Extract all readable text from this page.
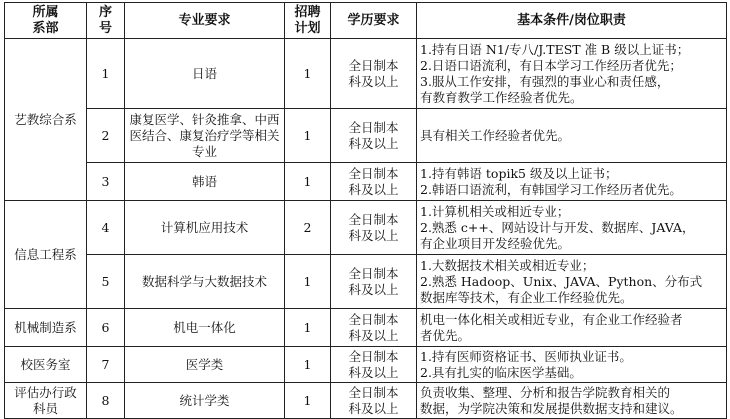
所属系部	序号	专业要求	招聘计划	学历要求	基本条件/岗位职责

艺教综合系	1	日语	1	全日制本科及以上	1.持有日语 N1/专八/J.TEST 准 B 级以上证书；
2.日语口语流利，有日本学习工作经历者优先；
3.服从工作安排，有强烈的事业心和责任感，
有教育教学工作经验者优先。

	2	康复医学、针灸推拿、中西医结合、康复治疗学等相关专业	1	全日制本科及以上	具有相关工作经验者优先。

	3	韩语	1	全日制本科及以上	1.持有韩语 topik5 级及以上证书；
2.韩语口语流利，有韩国学习工作经历者优先。

信息工程系	4	计算机应用技术	2	全日制本科及以上	1.计算机相关或相近专业；
2.熟悉 c++、网站设计与开发、数据库、JAVA，
有企业项目开发经验优先。

	5	数据科学与大数据技术	1	全日制本科及以上	1.大数据技术相关或相近专业；
2.熟悉 Hadoop、Unix、JAVA、Python、分布式
数据库等技术，有企业工作经验优先。

机械制造系	6	机电一体化	1	全日制本科及以上	机电一体化相关或相近专业，有企业工作经验者
者优先。

校医务室	7	医学类	1	全日制本科及以上	1.持有医师资格证书、医师执业证书。
2.具有扎实的临床医学基础。

评估办行政科员	8	统计学类	1	全日制本科及以上	负责收集、整理、分析和报告学院教育相关的
数据，为学院决策和发展提供数据支持和建议。
